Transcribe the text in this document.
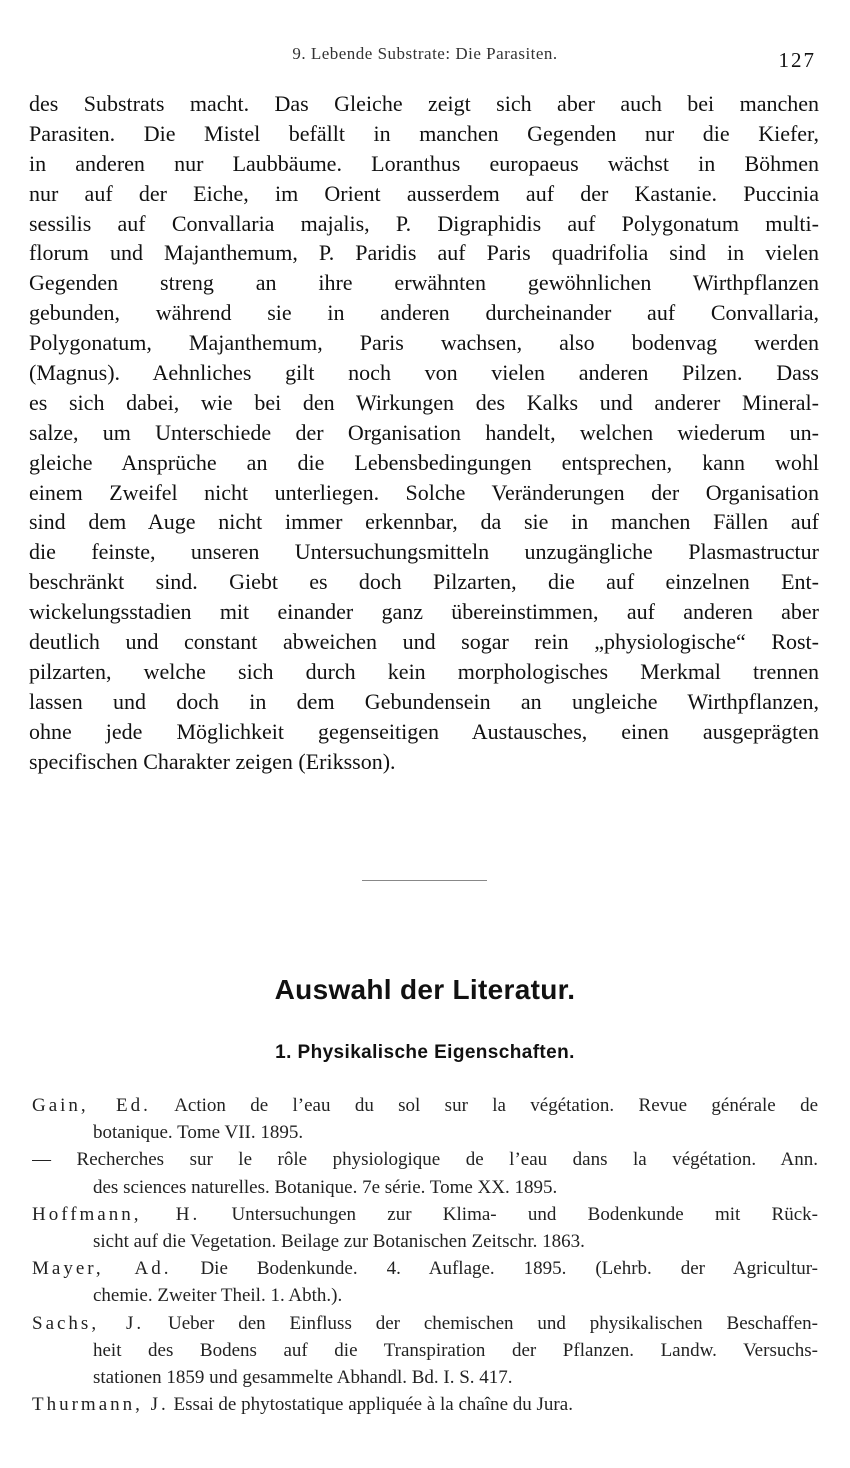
9. Lebende Substrate: Die Parasiten.	127
des Substrats macht. Das Gleiche zeigt sich aber auch bei manchen
Parasiten. Die Mistel befällt in manchen Gegenden nur die Kiefer,
in anderen nur Laubbäume. Loranthus europaeus wächst in Böhmen
nur auf der Eiche, im Orient ausserdem auf der Kastanie. Puccinia
sessilis auf Convallaria majalis, P. Digraphidis auf Polygonatum multi-
florum und Majanthemum, P. Paridis auf Paris quadrifolia sind in vielen
Gegenden streng an ihre erwähnten gewöhnlichen Wirthpflanzen
gebunden, während sie in anderen durcheinander auf Convallaria,
Polygonatum, Majanthemum, Paris wachsen, also bodenvag werden
(Magnus). Aehnliches gilt noch von vielen anderen Pilzen. Dass
es sich dabei, wie bei den Wirkungen des Kalks und anderer Mineral-
salze, um Unterschiede der Organisation handelt, welchen wiederum un-
gleiche Ansprüche an die Lebensbedingungen entsprechen, kann wohl
einem Zweifel nicht unterliegen. Solche Veränderungen der Organisation
sind dem Auge nicht immer erkennbar, da sie in manchen Fällen auf
die feinste, unseren Untersuchungsmitteln unzugängliche Plasmastructur
beschränkt sind. Giebt es doch Pilzarten, die auf einzelnen Ent-
wickelungsstadien mit einander ganz übereinstimmen, auf anderen aber
deutlich und constant abweichen und sogar rein „physiologische“ Rost-
pilzarten, welche sich durch kein morphologisches Merkmal trennen
lassen und doch in dem Gebundensein an ungleiche Wirthpflanzen,
ohne jede Möglichkeit gegenseitigen Austausches, einen ausgeprägten
specifischen Charakter zeigen (Eriksson).
Auswahl der Literatur.
1. Physikalische Eigenschaften.
Gain, Ed. Action de l’eau du sol sur la végétation. Revue générale de
botanique. Tome VII. 1895.
— Recherches sur le rôle physiologique de l’eau dans la végétation. Ann.
des sciences naturelles. Botanique. 7e série. Tome XX. 1895.
Hoffmann, H. Untersuchungen zur Klima- und Bodenkunde mit Rück-
sicht auf die Vegetation. Beilage zur Botanischen Zeitschr. 1863.
Mayer, Ad. Die Bodenkunde. 4. Auflage. 1895. (Lehrb. der Agricultur-
chemie. Zweiter Theil. 1. Abth.).
Sachs, J. Ueber den Einfluss der chemischen und physikalischen Beschaffen-
heit des Bodens auf die Transpiration der Pflanzen. Landw. Versuchs-
stationen 1859 und gesammelte Abhandl. Bd. I. S. 417.
Thurmann, J. Essai de phytostatique appliquée à la chaîne du Jura.
